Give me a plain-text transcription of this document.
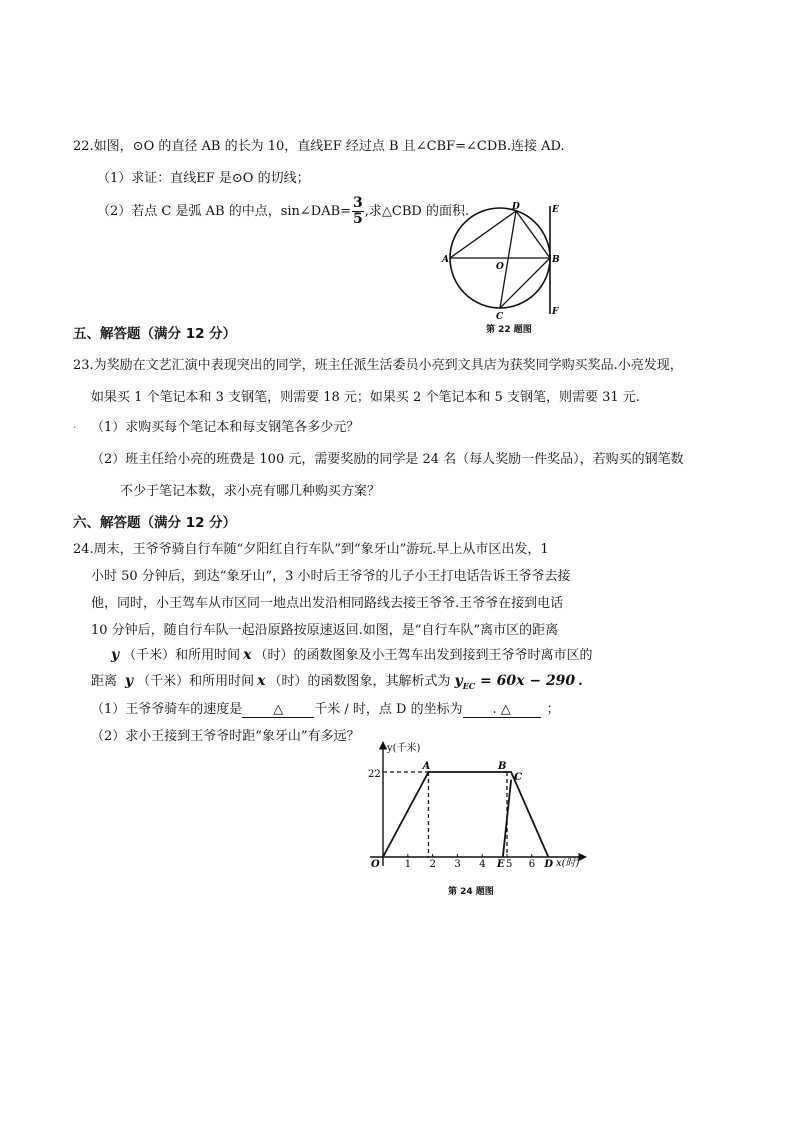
22.如图，⊙O 的直径 AB 的长为 10，直线EF 经过点 B 且∠CBF=∠CDB.连接 AD.
（1）求证：直线EF 是⊙O 的切线；
（2）若点 C 是弧 AB 的中点，sin∠DAB= $\frac{3}{5}$ ,求△CBD 的面积.
A	B
C
D
O
E
F
第 22 题图
五、解答题（满分 12 分）
23.为奖励在文艺汇演中表现突出的同学，班主任派生活委员小亮到文具店为获奖同学购买奖品.小亮发现，
如果买 1 个笔记本和 3 支钢笔，则需要 18 元；如果买 2 个笔记本和 5 支钢笔，则需要 31 元.
. （1）求购买每个笔记本和每支钢笔各多少元？
（2）班主任给小亮的班费是 100 元，需要奖励的同学是 24 名（每人奖励一件奖品），若购买的钢笔数
不少于笔记本数，求小亮有哪几种购买方案？
六、解答题（满分 12 分）
24.周末，王爷爷骑自行车随“夕阳红自行车队”到“象牙山”游玩.早上从市区出发，1
小时 50 分钟后，到达“象牙山”，3 小时后王爷爷的儿子小王打电话告诉王爷爷去接
他，同时，小王驾车从市区同一地点出发沿相同路线去接王爷爷.王爷爷在接到电话
10 分钟后，随自行车队一起沿原路按原速返回.如图，是“自行车队”离市区的距离
y （千米）和所用时间 x （时）的函数图象及小王驾车出发到接到王爷爷时离市区的
距离 y （千米）和所用时间 x （时）的函数图象，其解析式为 $y_{EC} = 60x - 290$ .
（1）王爷爷骑车的速度是 △ 千米 / 时，点 D 的坐标为 . △	；
（2）求小王接到王爷爷时距“象牙山”有多远？
y(千米)
x(时)
22
O
A	B
C
D
E
1 2 3 4 5 6
第 24 题图
